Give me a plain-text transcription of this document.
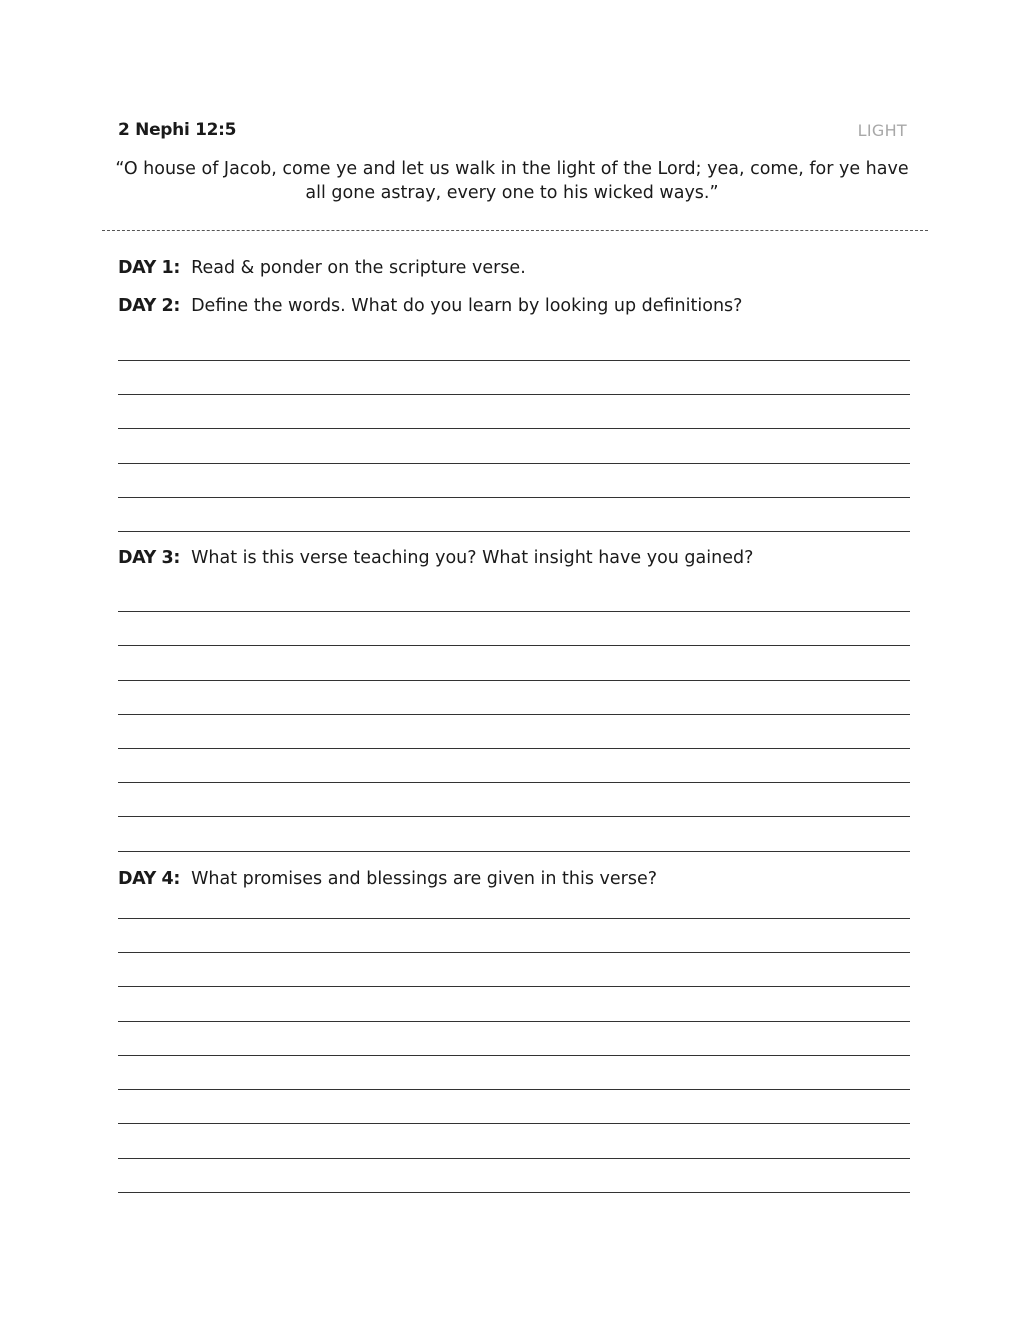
2 Nephi 12:5	LIGHT
“O house of Jacob, come ye and let us walk in the light of the Lord; yea, come, for ye have all gone astray, every one to his wicked ways.”
DAY 1: Read & ponder on the scripture verse.
DAY 2: Define the words. What do you learn by looking up definitions?
DAY 3: What is this verse teaching you? What insight have you gained?
DAY 4: What promises and blessings are given in this verse?
